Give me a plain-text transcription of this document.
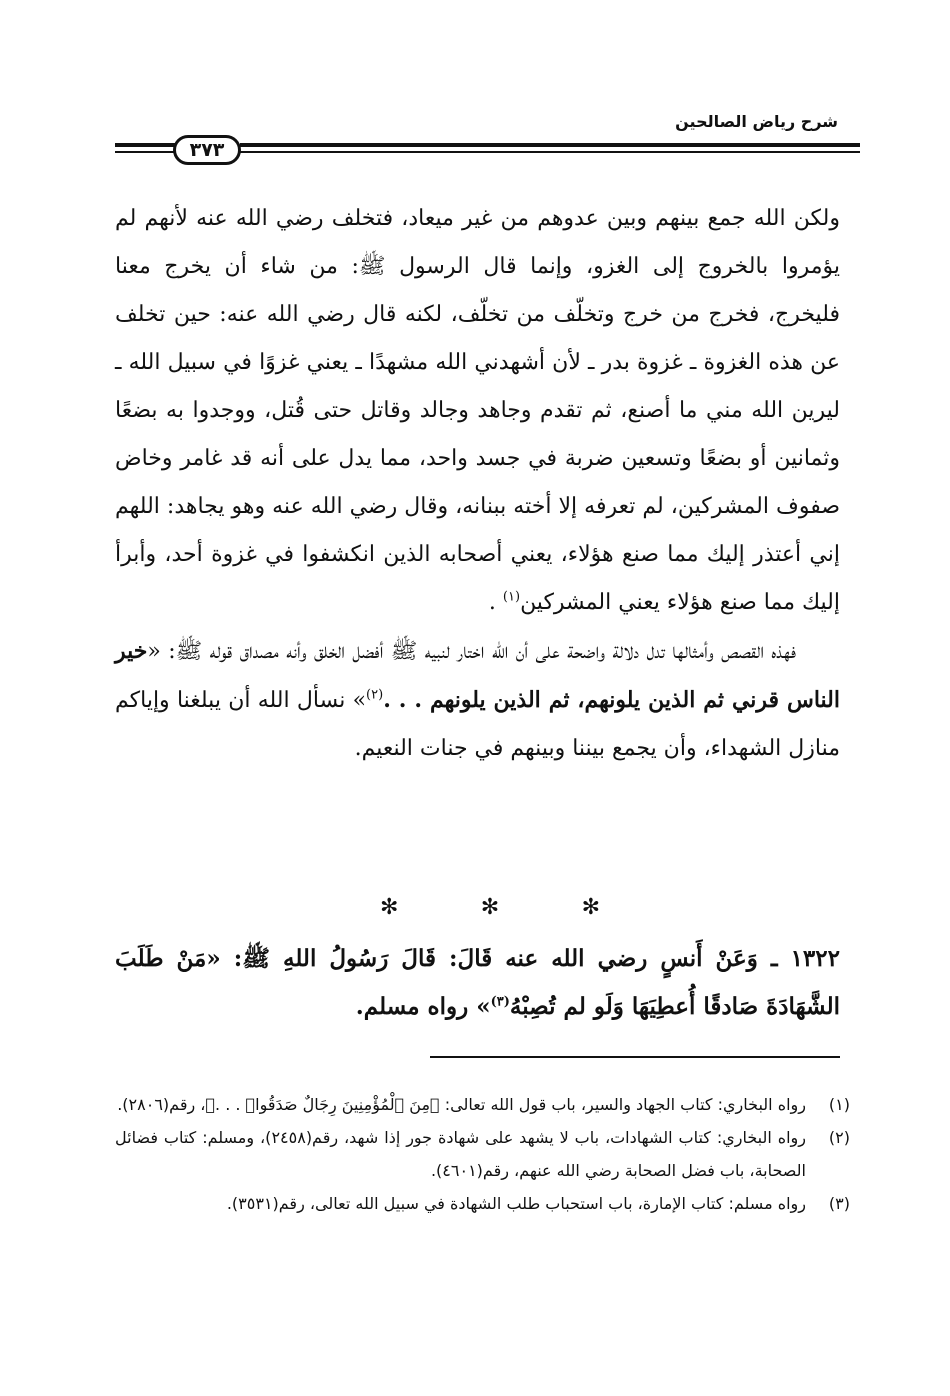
شرح رياض الصالحين
٣٧٣

ولكن الله جمع بينهم وبين عدوهم من غير ميعاد، فتخلف رضي الله عنه لأنهم لم يؤمروا بالخروج إلى الغزو، وإنما قال الرسول ﷺ: من شاء أن يخرج معنا فليخرج، فخرج من خرج وتخلّف من تخلّف، لكنه قال رضي الله عنه: حين تخلف عن هذه الغزوة ـ غزوة بدر ـ لأن أشهدني الله مشهدًا ـ يعني غزوًا في سبيل الله ـ ليرين الله مني ما أصنع، ثم تقدم وجاهد وجالد وقاتل حتى قُتل، ووجدوا به بضعًا وثمانين أو بضعًا وتسعين ضربة في جسد واحد، مما يدل على أنه قد غامر وخاض صفوف المشركين، لم تعرفه إلا أخته ببنانه، وقال رضي الله عنه وهو يجاهد: اللهم إني أعتذر إليك مما صنع هؤلاء، يعني أصحابه الذين انكشفوا في غزوة أحد، وأبرأ إليك مما صنع هؤلاء يعني المشركين$^{(١)}$ .

فهذه القصص وأمثالها تدل دلالة واضحة على أن الله اختار لنبيه ﷺ أفضل الخلق وأنه مصداق قوله ﷺ: «خير الناس قرني ثم الذين يلونهم، ثم الذين يلونهم . . .$^{(٢)}$» نسأل الله أن يبلغنا وإياكم منازل الشهداء، وأن يجمع بيننا وبينهم في جنات النعيم.

✻	✻	✻

١٣٢٢ ـ وَعَنْ أَنسٍ رضي الله عنه قَالَ: قَالَ رَسُولُ اللهِ ﷺ: «مَنْ طَلَبَ الشَّهَادَةَ صَادقًا أُعطِيَهَا وَلَو لم تُصِبْهُ$^{(٣)}$» رواه مسلم.

(١)
رواه البخاري: كتاب الجهاد والسير، باب قول الله تعالى: ﴿مِنَ ٱلْمُؤْمِنِينَ رِجَالٌ صَدَقُوا۟ . . .﴾، رقم(٢٨٠٦).
(٢)
رواه البخاري: كتاب الشهادات، باب لا يشهد على شهادة جور إذا شهد، رقم(٢٤٥٨)، ومسلم: كتاب فضائل الصحابة، باب فضل الصحابة رضي الله عنهم، رقم(٤٦٠١).
(٣)
رواه مسلم: كتاب الإمارة، باب استحباب طلب الشهادة في سبيل الله تعالى، رقم(٣٥٣١).
